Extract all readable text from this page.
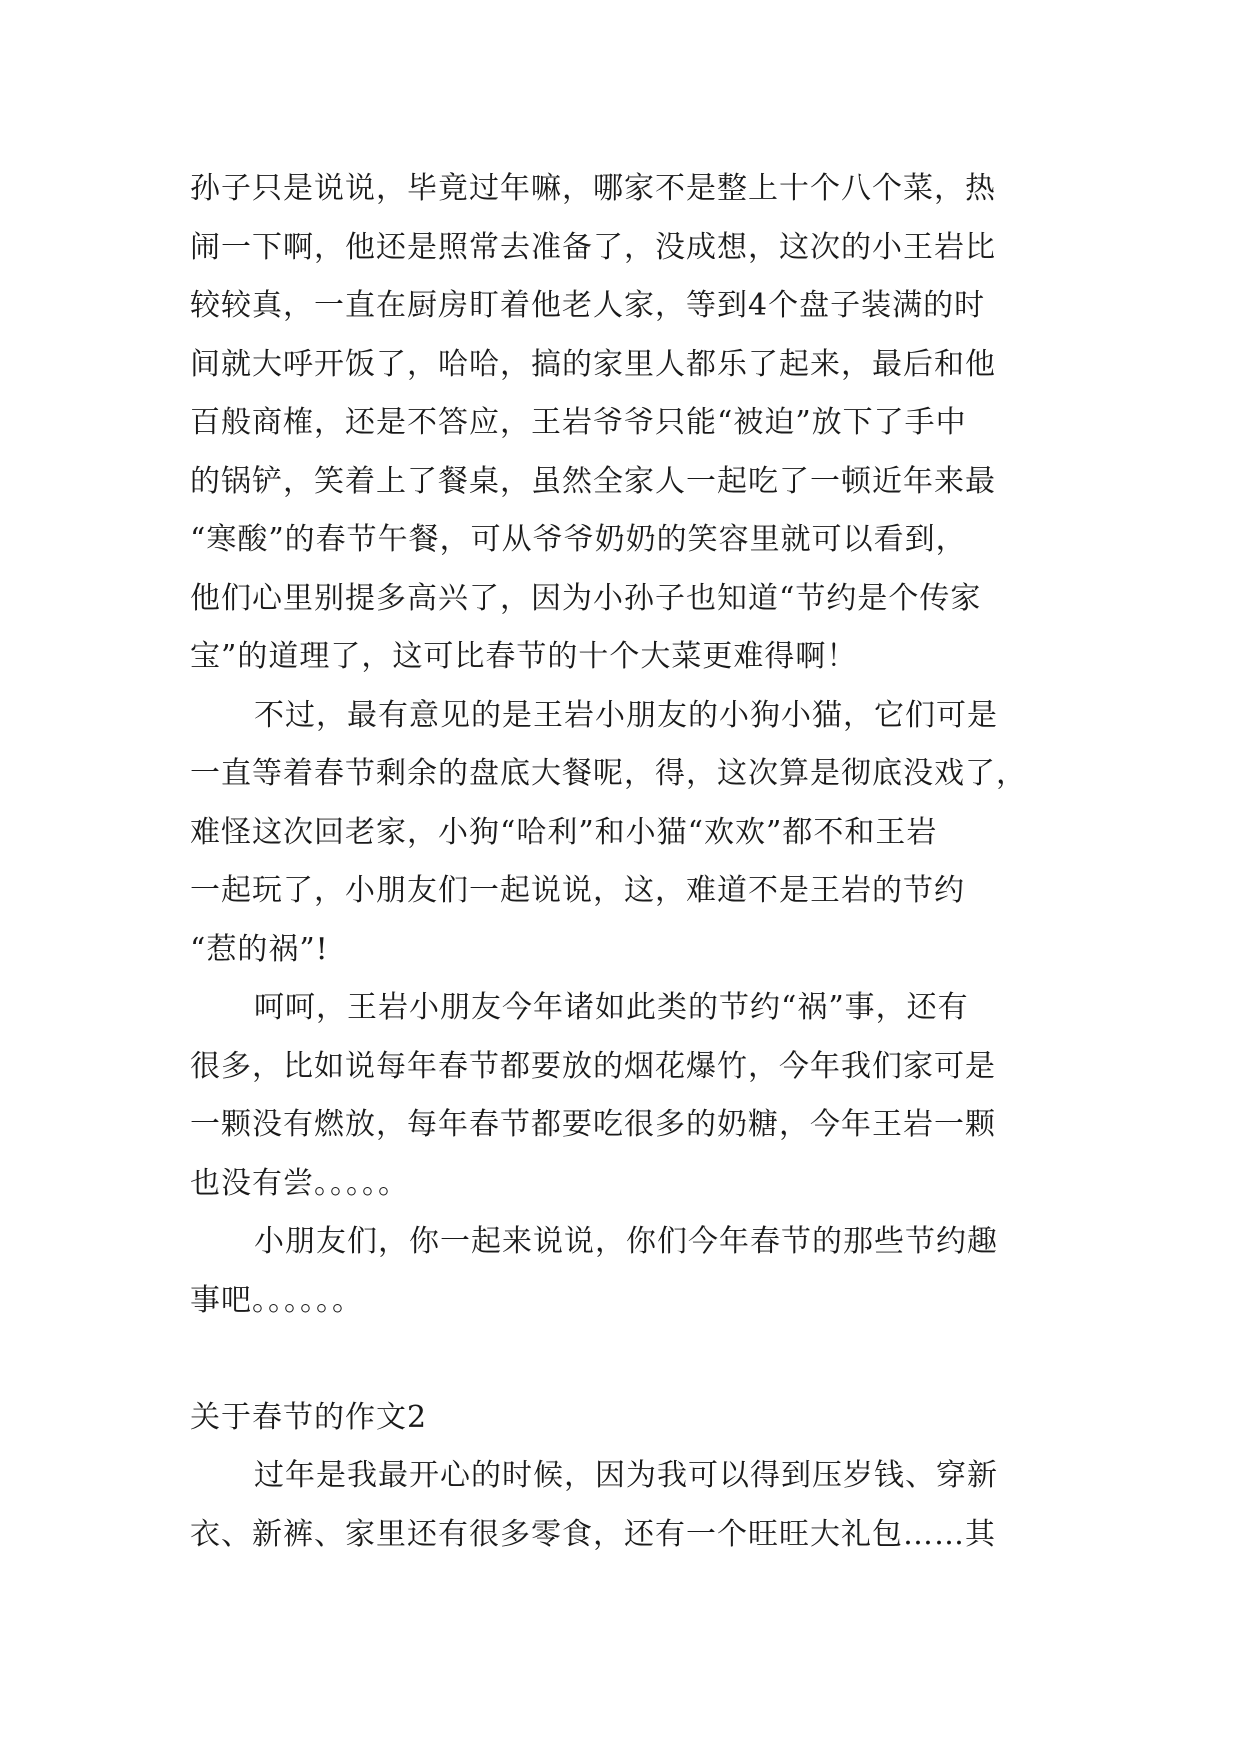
孙子只是说说，毕竟过年嘛，哪家不是整上十个八个菜，热
闹一下啊，他还是照常去准备了，没成想，这次的小王岩比
较较真，一直在厨房盯着他老人家，等到4个盘子装满的时
间就大呼开饭了，哈哈，搞的家里人都乐了起来，最后和他
百般商榷，还是不答应，王岩爷爷只能“被迫”放下了手中
的锅铲，笑着上了餐桌，虽然全家人一起吃了一顿近年来最
“寒酸”的春节午餐，可从爷爷奶奶的笑容里就可以看到，
他们心里别提多高兴了，因为小孙子也知道“节约是个传家
宝”的道理了，这可比春节的十个大菜更难得啊！
不过，最有意见的是王岩小朋友的小狗小猫，它们可是
一直等着春节剩余的盘底大餐呢，得，这次算是彻底没戏了，
难怪这次回老家，小狗“哈利”和小猫“欢欢”都不和王岩
一起玩了，小朋友们一起说说，这，难道不是王岩的节约
“惹的祸”!
呵呵，王岩小朋友今年诸如此类的节约“祸”事，还有
很多，比如说每年春节都要放的烟花爆竹，今年我们家可是
一颗没有燃放，每年春节都要吃很多的奶糖，今年王岩一颗
也没有尝。。。。。
小朋友们，你一起来说说，你们今年春节的那些节约趣
事吧。。。。。。
关于春节的作文2
过年是我最开心的时候，因为我可以得到压岁钱、穿新
衣、新裤、家里还有很多零食，还有一个旺旺大礼包……其
